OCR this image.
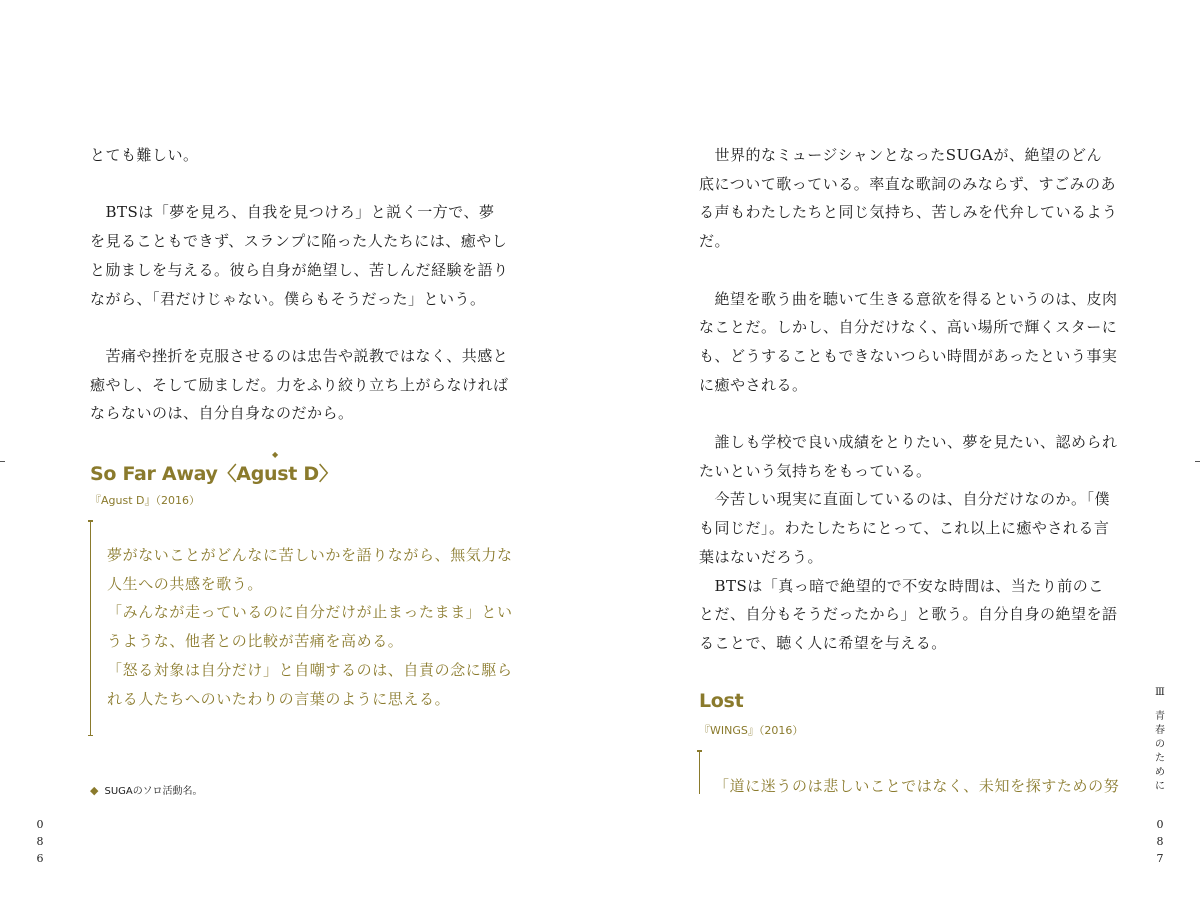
とても難しい。

　BTSは「夢を見ろ、自我を見つけろ」と説く一方で、夢

を見ることもできず、スランプに陥った人たちには、癒やし

と励ましを与える。彼ら自身が絶望し、苦しんだ経験を語り

ながら、「君だけじゃない。僕らもそうだった」という。

　苦痛や挫折を克服させるのは忠告や説教ではなく、共感と

癒やし、そして励ましだ。力をふり絞り立ち上がらなければ

ならないのは、自分自身なのだから。

So Far Away〈Agust D〉
◆
『Agust D』（2016）

夢がないことがどんなに苦しいかを語りながら、無気力な

人生への共感を歌う。

「みんなが走っているのに自分だけが止まったまま」とい

うような、他者との比較が苦痛を高める。

「怒る対象は自分だけ」と自嘲するのは、自責の念に駆ら

れる人たちへのいたわりの言葉のように思える。

◆ SUGAのソロ活動名。
0
8
6

　世界的なミュージシャンとなったSUGAが、絶望のどん

底について歌っている。率直な歌詞のみならず、すごみのあ

る声もわたしたちと同じ気持ち、苦しみを代弁しているよう

だ。

　絶望を歌う曲を聴いて生きる意欲を得るというのは、皮肉

なことだ。しかし、自分だけなく、高い場所で輝くスターに

も、どうすることもできないつらい時間があったという事実

に癒やされる。

　誰しも学校で良い成績をとりたい、夢を見たい、認められ

たいという気持ちをもっている。

　今苦しい現実に直面しているのは、自分だけなのか。「僕

も同じだ」。わたしたちにとって、これ以上に癒やされる言

葉はないだろう。

　BTSは「真っ暗で絶望的で不安な時間は、当たり前のこ

とだ、自分もそうだったから」と歌う。自分自身の絶望を語

ることで、聴く人に希望を与える。

Lost
『WINGS』（2016）

「道に迷うのは悲しいことではなく、未知を探すための努

Ⅲ
青
春
の
た
め
に
0
8
7
